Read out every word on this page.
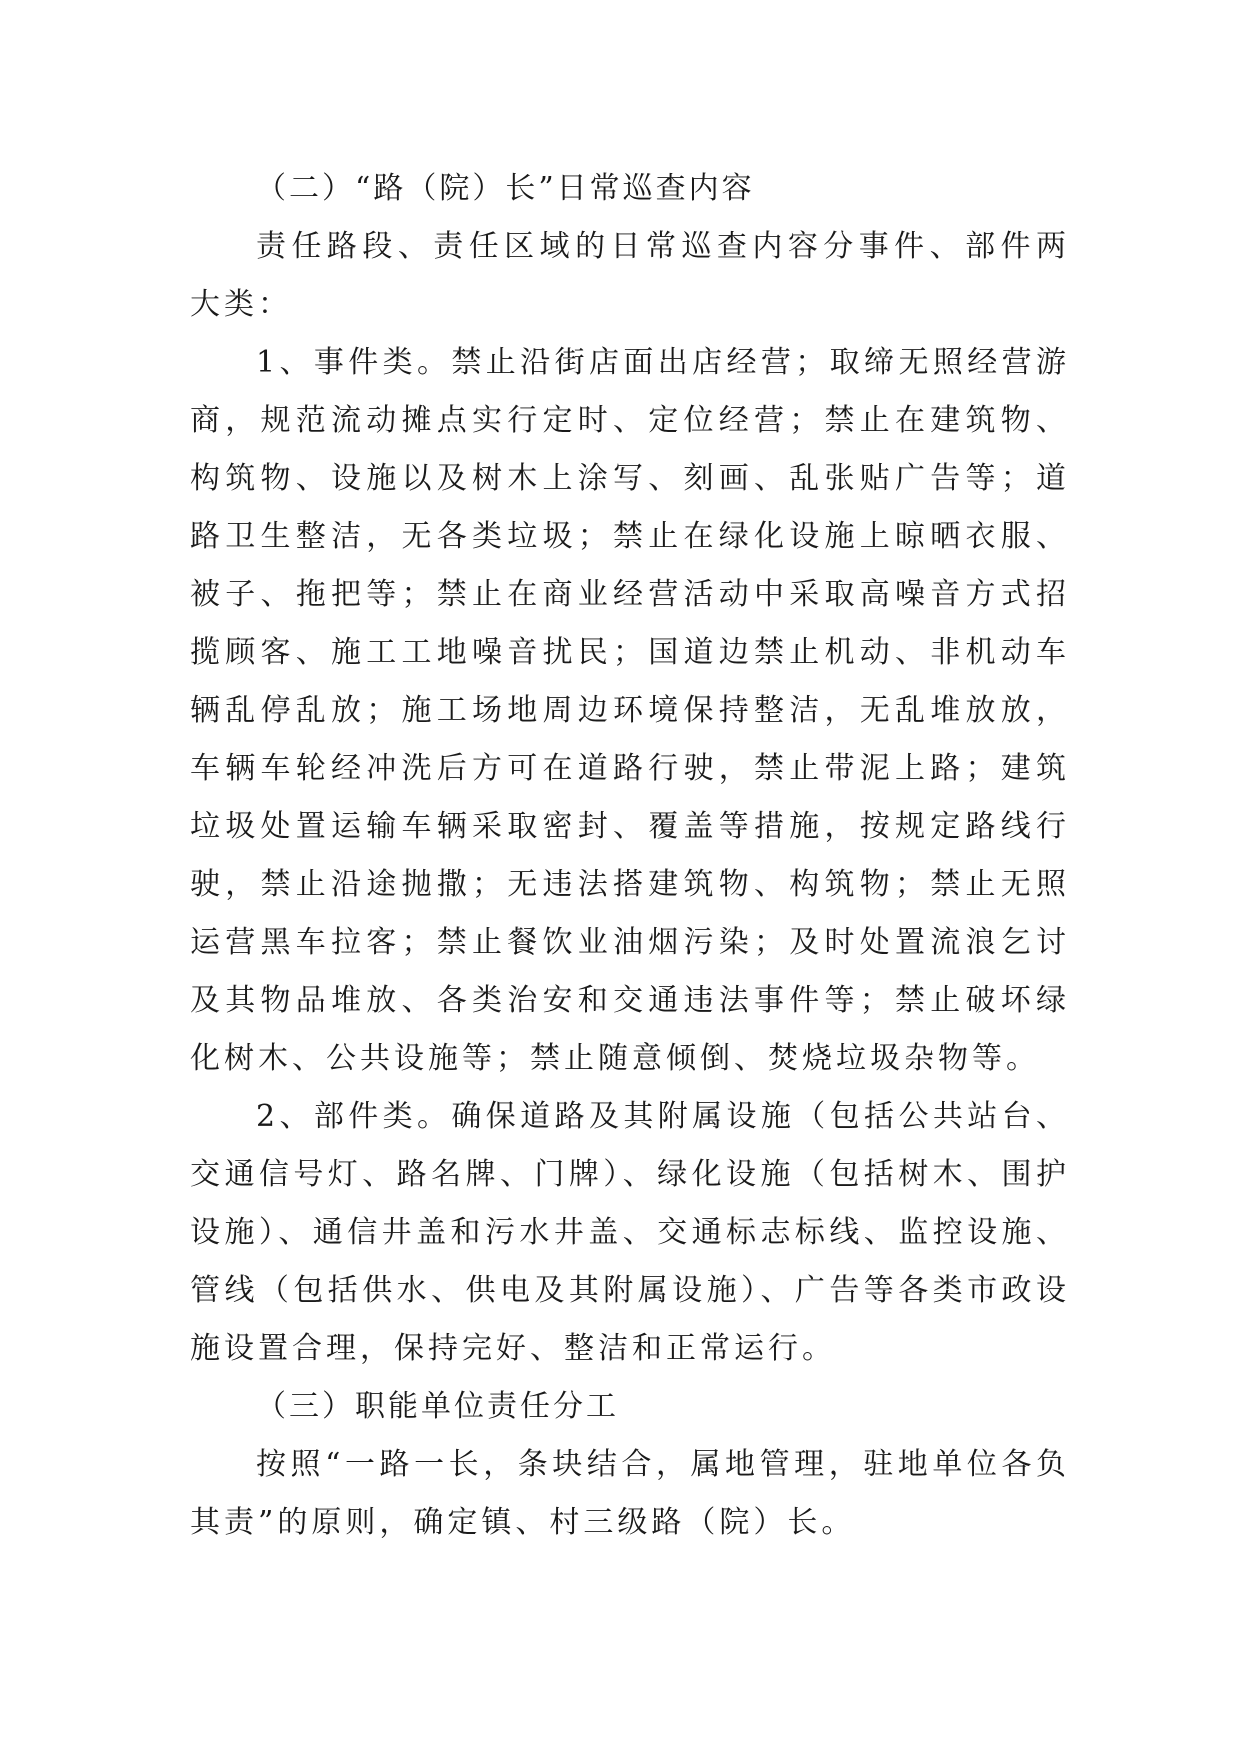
（二）“路（院）长”日常巡查内容

责任路段、责任区域的日常巡查内容分事件、部件两大类：

1、事件类。禁止沿街店面出店经营；取缔无照经营游商，规范流动摊点实行定时、定位经营；禁止在建筑物、构筑物、设施以及树木上涂写、刻画、乱张贴广告等；道路卫生整洁，无各类垃圾；禁止在绿化设施上晾晒衣服、被子、拖把等；禁止在商业经营活动中采取高噪音方式招揽顾客、施工工地噪音扰民；国道边禁止机动、非机动车辆乱停乱放；施工场地周边环境保持整洁，无乱堆放放，车辆车轮经冲洗后方可在道路行驶，禁止带泥上路；建筑垃圾处置运输车辆采取密封、覆盖等措施，按规定路线行驶，禁止沿途抛撒；无违法搭建筑物、构筑物；禁止无照运营黑车拉客；禁止餐饮业油烟污染；及时处置流浪乞讨及其物品堆放、各类治安和交通违法事件等；禁止破坏绿化树木、公共设施等；禁止随意倾倒、焚烧垃圾杂物等。

2、部件类。确保道路及其附属设施（包括公共站台、交通信号灯、路名牌、门牌）、绿化设施（包括树木、围护设施）、通信井盖和污水井盖、交通标志标线、监控设施、管线（包括供水、供电及其附属设施）、广告等各类市政设施设置合理，保持完好、整洁和正常运行。

（三）职能单位责任分工

按照“一路一长，条块结合，属地管理，驻地单位各负其责”的原则，确定镇、村三级路（院）长。
